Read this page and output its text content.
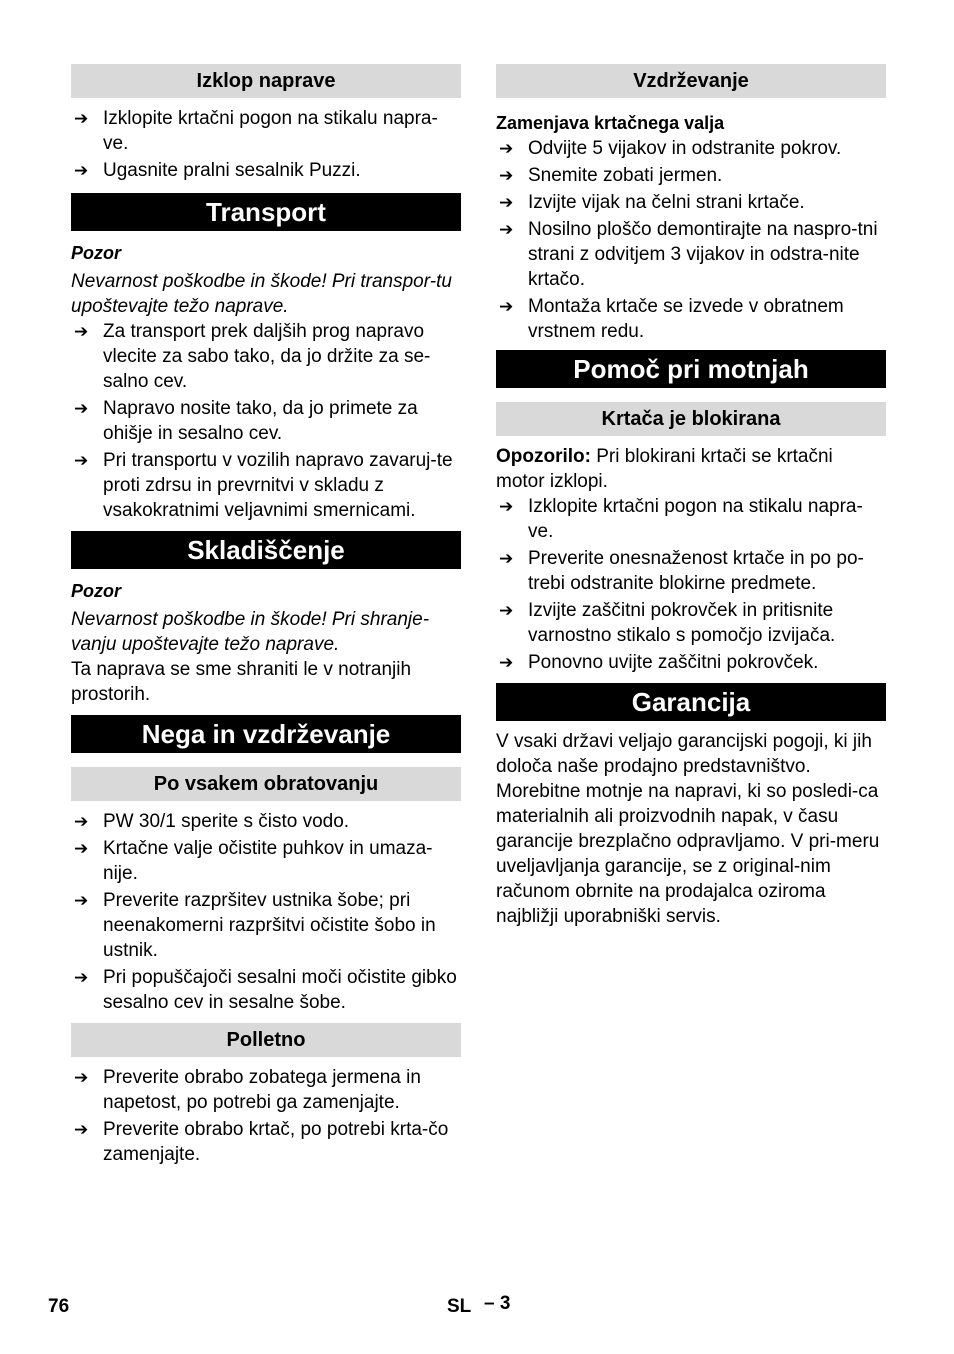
Izklop naprave
➔ Izklopite krtačni pogon na stikalu napra-ve.
➔ Ugasnite pralni sesalnik Puzzi.
Transport
Pozor

Nevarnost poškodbe in škode! Pri transpor-tu upoštevajte težo naprave.

➔ Za transport prek daljših prog napravo vlecite za sabo tako, da jo držite za se-salno cev.
➔ Napravo nosite tako, da jo primete za ohišje in sesalno cev.
➔ Pri transportu v vozilih napravo zavaruj-te proti zdrsu in prevrnitvi v skladu z vsakokratnimi veljavnimi smernicami.
Skladiščenje
Pozor

Nevarnost poškodbe in škode! Pri shranje-vanju upoštevajte težo naprave.

Ta naprava se sme shraniti le v notranjih prostorih.

Nega in vzdrževanje
Po vsakem obratovanju
➔ PW 30/1 sperite s čisto vodo.
➔ Krtačne valje očistite puhkov in umaza-nije.
➔ Preverite razpršitev ustnika šobe; pri neenakomerni razpršitvi očistite šobo in ustnik.
➔ Pri popuščajoči sesalni moči očistite gibko sesalno cev in sesalne šobe.
Polletno
➔ Preverite obrabo zobatega jermena in napetost, po potrebi ga zamenjajte.
➔ Preverite obrabo krtač, po potrebi krta-čo zamenjajte.
Vzdrževanje
Zamenjava krtačnega valja
➔ Odvijte 5 vijakov in odstranite pokrov.
➔ Snemite zobati jermen.
➔ Izvijte vijak na čelni strani krtače.
➔ Nosilno ploščo demontirajte na naspro-tni strani z odvitjem 3 vijakov in odstra-nite krtačo.
➔ Montaža krtače se izvede v obratnem vrstnem redu.
Pomoč pri motnjah
Krtača je blokirana

Opozorilo: Pri blokirani krtači se krtačni motor izklopi.

➔ Izklopite krtačni pogon na stikalu napra-ve.
➔ Preverite onesnaženost krtače in po po-trebi odstranite blokirne predmete.
➔ Izvijte zaščitni pokrovček in pritisnite varnostno stikalo s pomočjo izvijača.
➔ Ponovno uvijte zaščitni pokrovček.
Garancija

V vsaki državi veljajo garancijski pogoji, ki jih določa naše prodajno predstavništvo. Morebitne motnje na napravi, ki so posledi-ca materialnih ali proizvodnih napak, v času garancije brezplačno odpravljamo. V pri-meru uveljavljanja garancije, se z original-nim računom obrnite na prodajalca oziroma najbližji uporabniški servis.

76	SL – 3
